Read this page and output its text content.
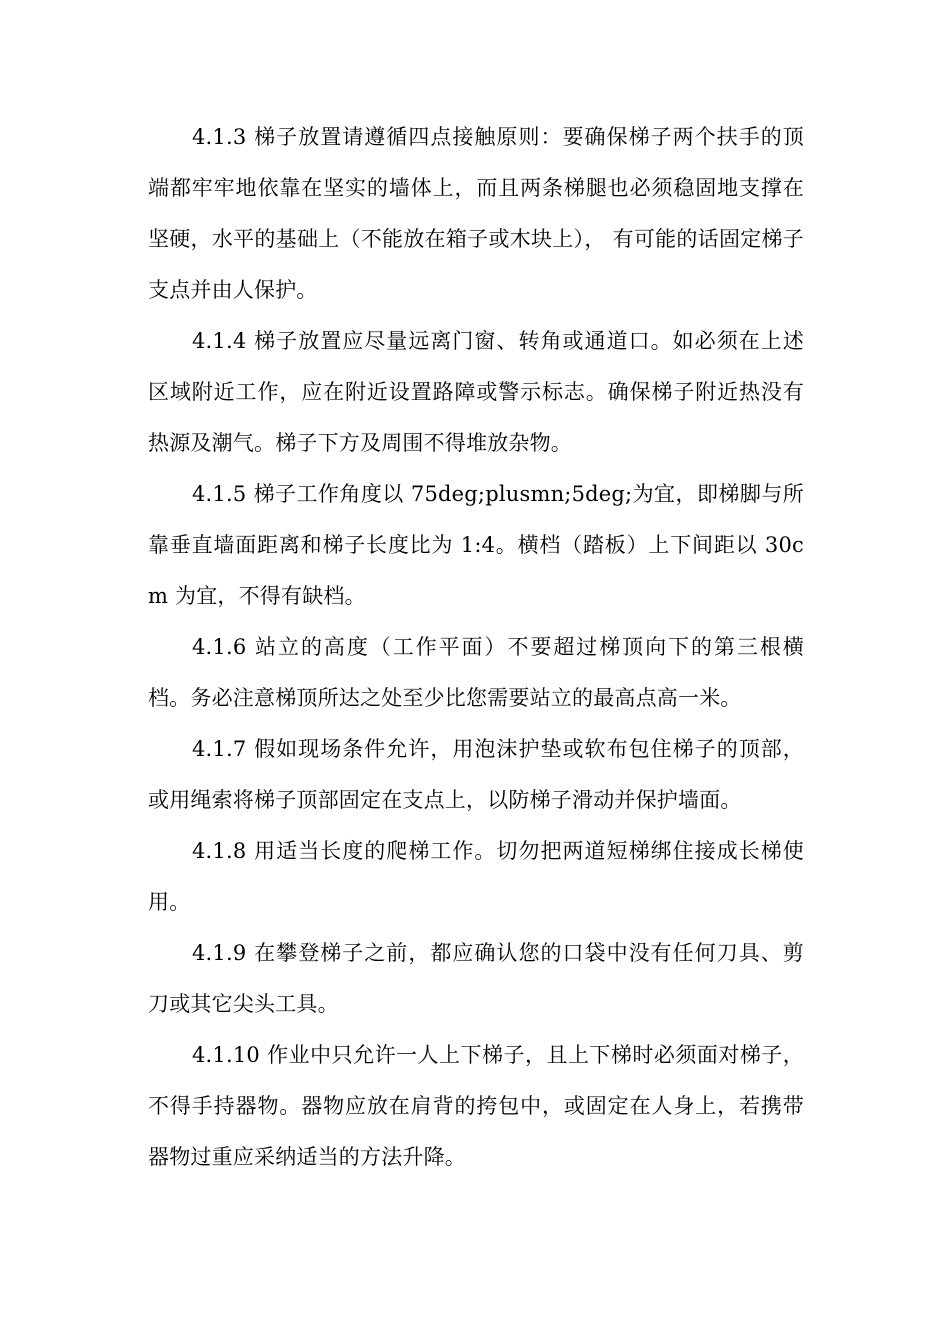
4.1.3 梯子放置请遵循四点接触原则：要确保梯子两个扶手的顶端都牢牢地依靠在坚实的墙体上，而且两条梯腿也必须稳固地支撑在坚硬，水平的基础上（不能放在箱子或木块上）， 有可能的话固定梯子支点并由人保护。

4.1.4 梯子放置应尽量远离门窗、转角或通道口。如必须在上述区域附近工作，应在附近设置路障或警示标志。确保梯子附近热没有热源及潮气。梯子下方及周围不得堆放杂物。

4.1.5 梯子工作角度以 75deg;plusmn;5deg;为宜，即梯脚与所靠垂直墙面距离和梯子长度比为 1:4。横档（踏板）上下间距以 30cm 为宜，不得有缺档。

4.1.6 站立的高度（工作平面）不要超过梯顶向下的第三根横档。务必注意梯顶所达之处至少比您需要站立的最高点高一米。

4.1.7 假如现场条件允许，用泡沫护垫或软布包住梯子的顶部，或用绳索将梯子顶部固定在支点上，以防梯子滑动并保护墙面。

4.1.8 用适当长度的爬梯工作。切勿把两道短梯绑住接成长梯使用。

4.1.9 在攀登梯子之前，都应确认您的口袋中没有任何刀具、剪刀或其它尖头工具。

4.1.10 作业中只允许一人上下梯子，且上下梯时必须面对梯子，不得手持器物。器物应放在肩背的挎包中，或固定在人身上，若携带器物过重应采纳适当的方法升降。
